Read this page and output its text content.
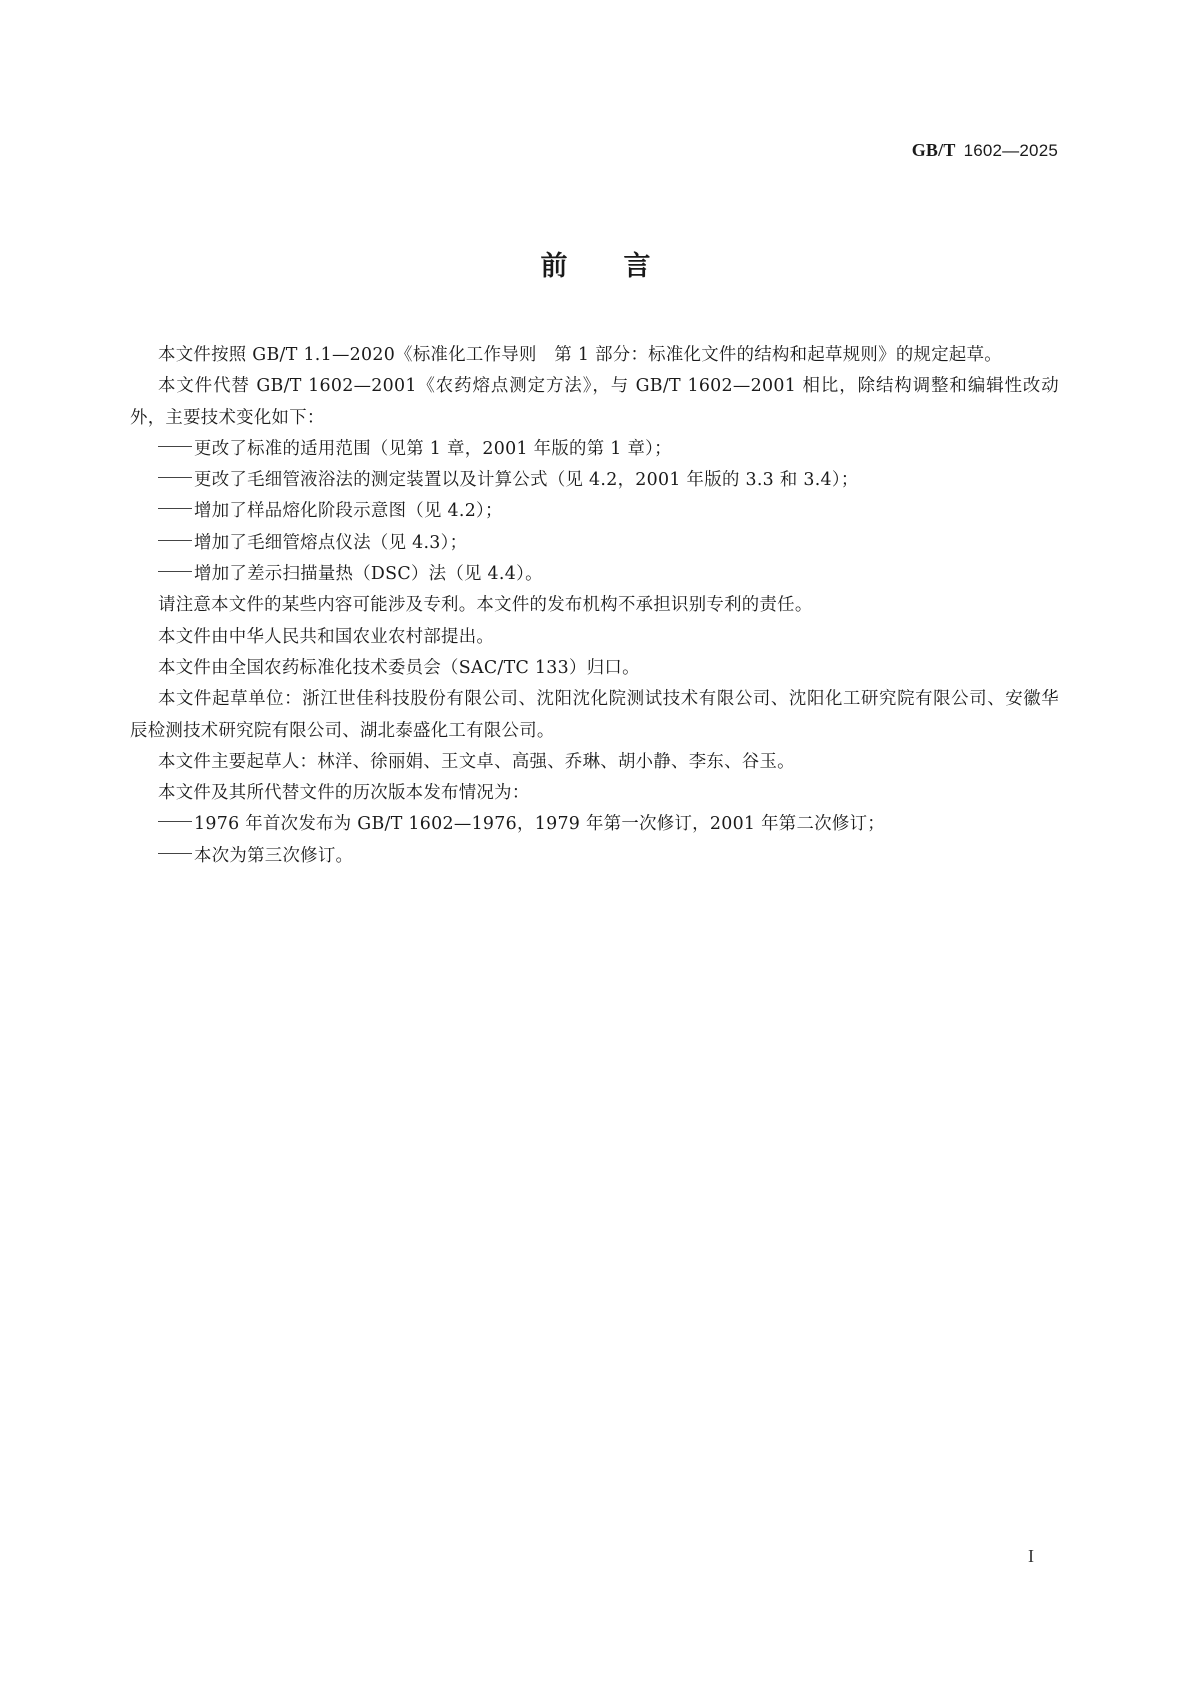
GB/T 1602—2025
前言

本文件按照 GB/T 1.1—2020《标准化工作导则　第 1 部分：标准化文件的结构和起草规则》的规定起草。

本文件代替 GB/T 1602—2001《农药熔点测定方法》，与 GB/T 1602—2001 相比，除结构调整和编辑性改动外，主要技术变化如下：

更改了标准的适用范围（见第 1 章，2001 年版的第 1 章）；

更改了毛细管液浴法的测定装置以及计算公式（见 4.2，2001 年版的 3.3 和 3.4）；

增加了样品熔化阶段示意图（见 4.2）；

增加了毛细管熔点仪法（见 4.3）；

增加了差示扫描量热（DSC）法（见 4.4）。

请注意本文件的某些内容可能涉及专利。本文件的发布机构不承担识别专利的责任。

本文件由中华人民共和国农业农村部提出。

本文件由全国农药标准化技术委员会（SAC/TC 133）归口。

本文件起草单位：浙江世佳科技股份有限公司、沈阳沈化院测试技术有限公司、沈阳化工研究院有限公司、安徽华辰检测技术研究院有限公司、湖北泰盛化工有限公司。

本文件主要起草人：林洋、徐丽娟、王文卓、高强、乔琳、胡小静、李东、谷玉。

本文件及其所代替文件的历次版本发布情况为：

1976 年首次发布为 GB/T 1602—1976，1979 年第一次修订，2001 年第二次修订；

本次为第三次修订。

I
